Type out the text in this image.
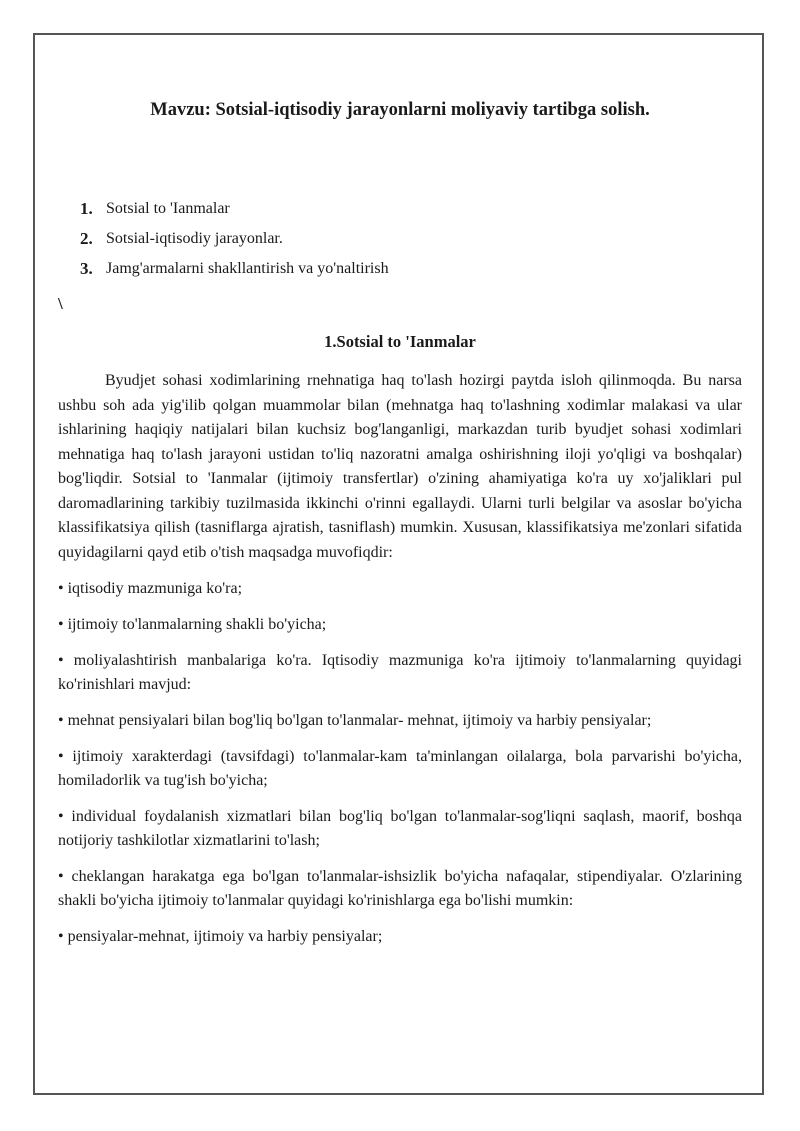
Mavzu: Sotsial-iqtisodiy jarayonlarni moliyaviy tartibga solish.
1. Sotsial to 'Ianmalar
2. Sotsial-iqtisodiy jarayonlar.
3. Jamg'armalarni shakllantirish va yo'naltirish
\
1.Sotsial to 'Ianmalar

Byudjet sohasi xodimlarining rnehnatiga haq to'lash hozirgi paytda isloh qilinmoqda. Bu narsa ushbu soh ada yig'ilib qolgan muammolar bilan (mehnatga haq to'lashning xodimlar malakasi va ular ishlarining haqiqiy natijalari bilan kuchsiz bog'langanligi, markazdan turib byudjet sohasi xodimlari mehnatiga haq to'lash jarayoni ustidan to'liq nazoratni amalga oshirishning iloji yo'qligi va boshqalar) bog'liqdir. Sotsial to 'Ianmalar (ijtimoiy transfertlar) o'zining ahamiyatiga ko'ra uy xo'jaliklari pul daromadlarining tarkibiy tuzilmasida ikkinchi o'rinni egallaydi. Ularni turli belgilar va asoslar bo'yicha klassifikatsiya qilish (tasniflarga ajratish, tasniflash) mumkin. Xususan, klassifikatsiya me'zonlari sifatida quyidagilarni qayd etib o'tish maqsadga muvofiqdir:

• iqtisodiy mazmuniga ko'ra;

• ijtimoiy to'lanmalarning shakli bo'yicha;

• moliyalashtirish manbalariga ko'ra. Iqtisodiy mazmuniga ko'ra ijtimoiy to'lanmalarning quyidagi ko'rinishlari mavjud:

• mehnat pensiyalari bilan bog'liq bo'lgan to'lanmalar- mehnat, ijtimoiy va harbiy pensiyalar;

• ijtimoiy xarakterdagi (tavsifdagi) to'lanmalar-kam ta'minlangan oilalarga, bola parvarishi bo'yicha, homiladorlik va tug'ish bo'yicha;

• individual foydalanish xizmatlari bilan bog'liq bo'lgan to'lanmalar-sog'liqni saqlash, maorif, boshqa notijoriy tashkilotlar xizmatlarini to'lash;

• cheklangan harakatga ega bo'lgan to'lanmalar-ishsizlik bo'yicha nafaqalar, stipendiyalar. O'zlarining shakli bo'yicha ijtimoiy to'lanmalar quyidagi ko'rinishlarga ega bo'lishi mumkin:

• pensiyalar-mehnat, ijtimoiy va harbiy pensiyalar;
